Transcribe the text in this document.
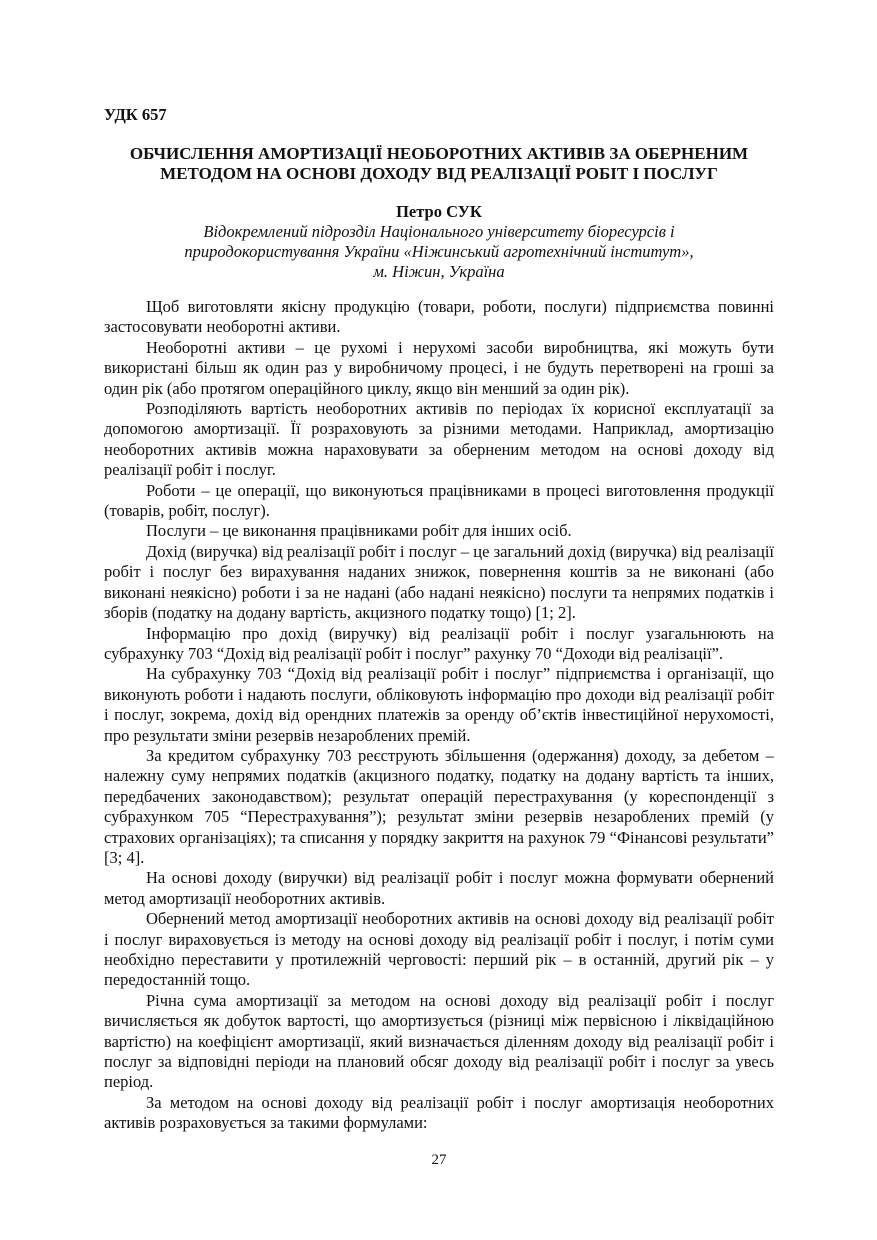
УДК 657
ОБЧИСЛЕННЯ АМОРТИЗАЦІЇ НЕОБОРОТНИХ АКТИВІВ ЗА ОБЕРНЕНИМ
МЕТОДОМ НА ОСНОВІ ДОХОДУ ВІД РЕАЛІЗАЦІЇ РОБІТ І ПОСЛУГ
Петро СУК
Відокремлений підрозділ Національного університету біоресурсів і
природокористування України «Ніжинський агротехнічний інститут»,
м. Ніжин, Україна

Щоб виготовляти якісну продукцію (товари, роботи, послуги) підприємства повинні застосовувати необоротні активи.

Необоротні активи – це рухомі і нерухомі засоби виробництва, які можуть бути використані більш як один раз у виробничому процесі, і не будуть перетворені на гроші за один рік (або протягом операційного циклу, якщо він менший за один рік).

Розподіляють вартість необоротних активів по періодах їх корисної експлуатації за допомогою амортизації. Її розраховують за різними методами. Наприклад, амортизацію необоротних активів можна нараховувати за оберненим методом на основі доходу від реалізації робіт і послуг.

Роботи – це операції, що виконуються працівниками в процесі виготовлення продукції (товарів, робіт, послуг).

Послуги – це виконання працівниками робіт для інших осіб.

Дохід (виручка) від реалізації робіт і послуг – це загальний дохід (виручка) від реалізації робіт і послуг без вирахування наданих знижок, повернення коштів за не виконані (або виконані неякісно) роботи і за не надані (або надані неякісно) послуги та непрямих податків і зборів (податку на додану вартість, акцизного податку тощо) [1; 2].

Інформацію про дохід (виручку) від реалізації робіт і послуг узагальнюють на субрахунку 703 “Дохід від реалізації робіт і послуг” рахунку 70 “Доходи від реалізації”.

На субрахунку 703 “Дохід від реалізації робіт і послуг” підприємства і організації, що виконують роботи і надають послуги, обліковують інформацію про доходи від реалізації робіт і послуг, зокрема, дохід від орендних платежів за оренду об’єктів інвестиційної нерухомості, про результати зміни резервів незароблених премій.

За кредитом субрахунку 703 реєструють збільшення (одержання) доходу, за дебетом – належну суму непрямих податків (акцизного податку, податку на додану вартість та інших, передбачених законодавством); результат операцій перестрахування (у кореспонденції з субрахунком 705 “Перестрахування”); результат зміни резервів незароблених премій (у страхових організаціях); та списання у порядку закриття на рахунок 79 “Фінансові результати” [3; 4].

На основі доходу (виручки) від реалізації робіт і послуг можна формувати обернений метод амортизації необоротних активів.

Обернений метод амортизації необоротних активів на основі доходу від реалізації робіт і послуг вираховується із методу на основі доходу від реалізації робіт і послуг, і потім суми необхідно переставити у протилежній черговості: перший рік – в останній, другий рік – у передостанній тощо.

Річна сума амортизації за методом на основі доходу від реалізації робіт і послуг вичисляється як добуток вартості, що амортизується (різниці між первісною і ліквідаційною вартістю) на коефіцієнт амортизації, який визначається діленням доходу від реалізації робіт і послуг за відповідні періоди на плановий обсяг доходу від реалізації робіт і послуг за увесь період.

За методом на основі доходу від реалізації робіт і послуг амортизація необоротних активів розраховується за такими формулами:

27
